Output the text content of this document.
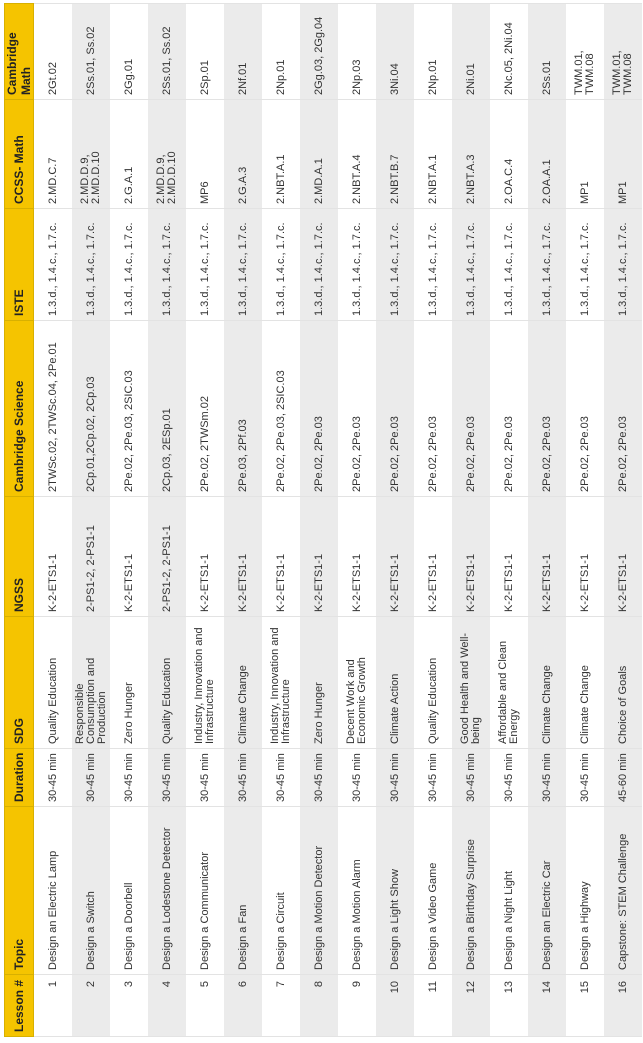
Lesson #	Topic	Duration	SDG	NGSS	Cambridge Science	ISTE	CCSS- Math	Cambridge Math
1	Design an Electric Lamp	30-45 min	Quality Education	K-2-ETS1-1	2TWSc.02, 2TWSc.04, 2Pe.01	1.3.d., 1.4.c., 1.7.c.	2.MD.C.7	2Gt.02
2	Design a Switch	30-45 min	Responsible Consumption and Production	2-PS1-2, 2-PS1-1	2Cp.01,2Cp.02, 2Cp.03	1.3.d., 1.4.c., 1.7.c.	2.MD.D.9, 2.MD.D.10	2Ss.01, Ss.02
3	Design a Doorbell	30-45 min	Zero Hunger	K-2-ETS1-1	2Pe.02, 2Pe.03, 2SIC.03	1.3.d., 1.4.c., 1.7.c.	2.G.A.1	2Gg.01
4	Design a Lodestone Detector	30-45 min	Quality Education	2-PS1-2, 2-PS1-1	2Cp.03, 2ESp.01	1.3.d., 1.4.c., 1.7.c.	2.MD.D.9, 2.MD.D.10	2Ss.01, Ss.02
5	Design a Communicator	30-45 min	Industry, Innovation and Infrastructure	K-2-ETS1-1	2Pe.02, 2TWSm.02	1.3.d., 1.4.c., 1.7.c.	MP6	2Sp.01
6	Design a Fan	30-45 min	Climate Change	K-2-ETS1-1	2Pe.03, 2Pf.03	1.3.d., 1.4.c., 1.7.c.	2.G.A.3	2Nf.01
7	Design a Circuit	30-45 min	Industry, Innovation and Infrastructure	K-2-ETS1-1	2Pe.02, 2Pe.03, 2SIC.03	1.3.d., 1.4.c., 1.7.c.	2.NBT.A.1	2Np.01
8	Design a Motion Detector	30-45 min	Zero Hunger	K-2-ETS1-1	2Pe.02, 2Pe.03	1.3.d., 1.4.c., 1.7.c.	2.MD.A.1	2Gg.03, 2Gg.04
9	Design a Motion Alarm	30-45 min	Decent Work and Economic Growth	K-2-ETS1-1	2Pe.02, 2Pe.03	1.3.d., 1.4.c., 1.7.c.	2.NBT.A.4	2Np.03
10	Design a Light Show	30-45 min	Climate Action	K-2-ETS1-1	2Pe.02, 2Pe.03	1.3.d., 1.4.c., 1.7.c.	2.NBT.B.7	3Ni.04
11	Design a Video Game	30-45 min	Quality Education	K-2-ETS1-1	2Pe.02, 2Pe.03	1.3.d., 1.4.c., 1.7.c.	2.NBT.A.1	2Np.01
12	Design a Birthday Surprise	30-45 min	Good Health and Well-being	K-2-ETS1-1	2Pe.02, 2Pe.03	1.3.d., 1.4.c., 1.7.c.	2.NBT.A.3	2Ni.01
13	Design a Night Light	30-45 min	Affordable and Clean Energy	K-2-ETS1-1	2Pe.02, 2Pe.03	1.3.d., 1.4.c., 1.7.c.	2.OA.C.4	2Nc.05, 2Ni.04
14	Design an Electric Car	30-45 min	Climate Change	K-2-ETS1-1	2Pe.02, 2Pe.03	1.3.d., 1.4.c., 1.7.c.	2.OA.A.1	2Ss.01
15	Design a Highway	30-45 min	Climate Change	K-2-ETS1-1	2Pe.02, 2Pe.03	1.3.d., 1.4.c., 1.7.c.	MP1	TWM.01, TWM.08
16	Capstone: STEM Challenge	45-60 min	Choice of Goals	K-2-ETS1-1	2Pe.02, 2Pe.03	1.3.d., 1.4.c., 1.7.c.	MP1	TWM.01, TWM.08
